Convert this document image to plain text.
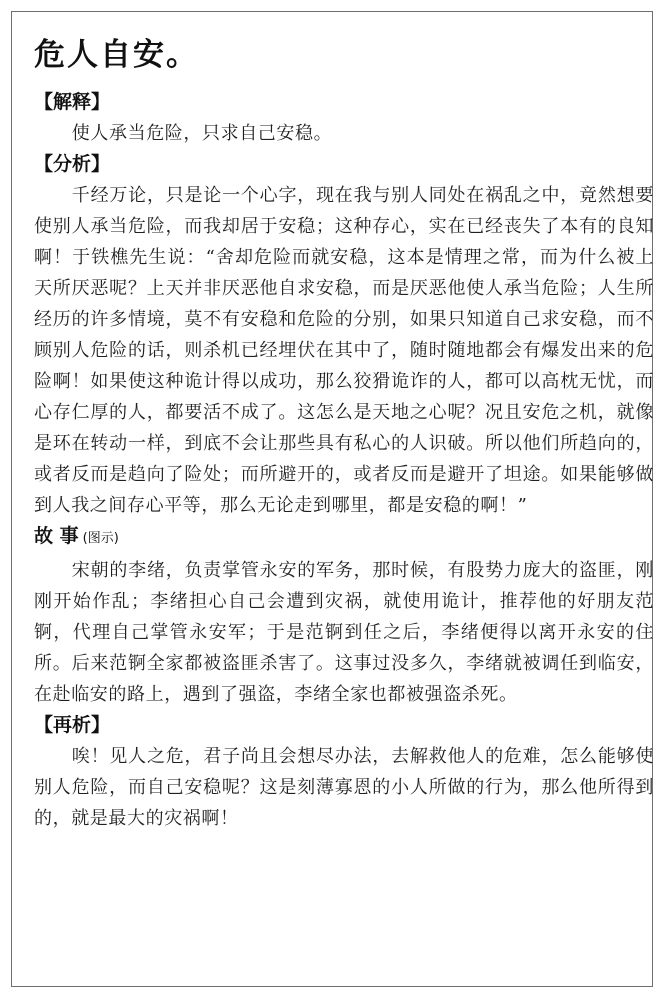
危人自安。
【解释】

使人承当危险，只求自己安稳。

【分析】

千经万论，只是论一个心字，现在我与别人同处在祸乱之中，竟然想要使别人承当危险，而我却居于安稳；这种存心，实在已经丧失了本有的良知啊！于铁樵先生说：“舍却危险而就安稳，这本是情理之常，而为什么被上天所厌恶呢？上天并非厌恶他自求安稳，而是厌恶他使人承当危险；人生所经历的许多情境，莫不有安稳和危险的分别，如果只知道自己求安稳，而不顾别人危险的话，则杀机已经埋伏在其中了，随时随地都会有爆发出来的危险啊！如果使这种诡计得以成功，那么狡猾诡诈的人，都可以高枕无忧，而心存仁厚的人，都要活不成了。这怎么是天地之心呢？况且安危之机，就像是环在转动一样，到底不会让那些具有私心的人识破。所以他们所趋向的，或者反而是趋向了险处；而所避开的，或者反而是避开了坦途。如果能够做到人我之间存心平等，那么无论走到哪里，都是安稳的啊！”

故 事 (图示)

宋朝的李绪，负责掌管永安的军务，那时候，有股势力庞大的盗匪，刚刚开始作乱；李绪担心自己会遭到灾祸，就使用诡计，推荐他的好朋友范锕，代理自己掌管永安军；于是范锕到任之后，李绪便得以离开永安的住所。后来范锕全家都被盗匪杀害了。这事过没多久，李绪就被调任到临安，在赴临安的路上，遇到了强盗，李绪全家也都被强盗杀死。

【再析】

唉！见人之危，君子尚且会想尽办法，去解救他人的危难，怎么能够使别人危险，而自己安稳呢？这是刻薄寡恩的小人所做的行为，那么他所得到的，就是最大的灾祸啊！
